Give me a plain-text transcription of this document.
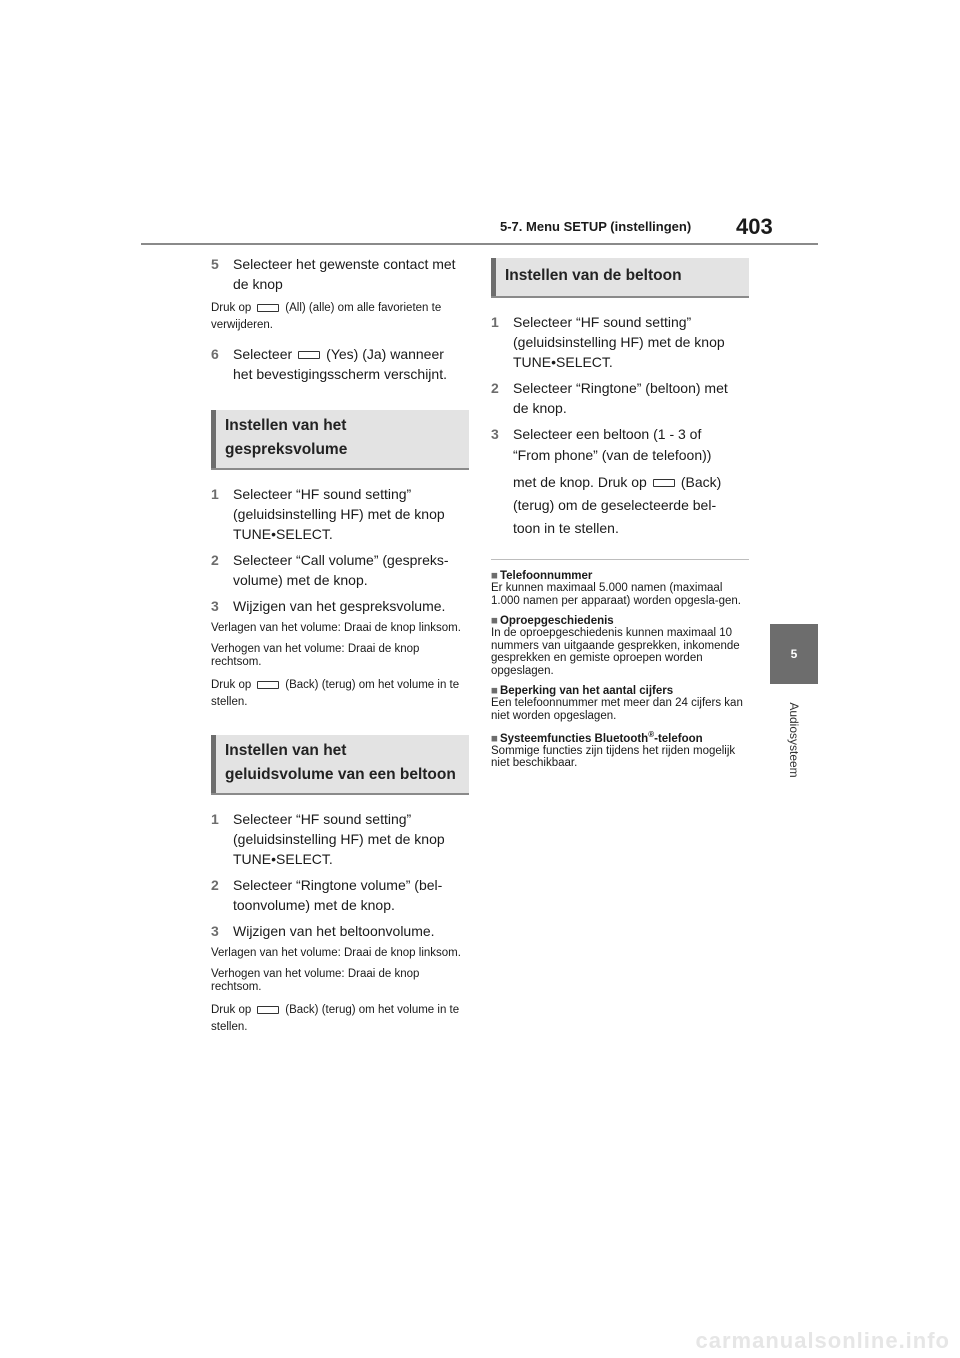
5-7. Menu SETUP (instellingen) 403
5
Audiosysteem
5 Selecteer het gewenste contact met
de knop
Druk op	(All) (alle) om alle favorieten te verwijderen.
6 Selecteer (Yes) (Ja) wanneer
het bevestigingsscherm verschijnt.
Instellen van het
gespreksvolume
1 Selecteer “HF sound setting”
(geluidsinstelling HF) met de knop
TUNE•SELECT.
2 Selecteer “Call volume” (gespreks-
volume) met de knop.
3 Wijzigen van het gespreksvolume.
Verlagen van het volume: Draai de knop linksom.
Verhogen van het volume: Draai de knop rechtsom.
Druk op	(Back) (terug) om het volume in te stellen.
Instellen van het
geluidsvolume van een beltoon
1 Selecteer “HF sound setting”
(geluidsinstelling HF) met de knop
TUNE•SELECT.
2 Selecteer “Ringtone volume” (bel-
toonvolume) met de knop.
3 Wijzigen van het beltoonvolume.
Verlagen van het volume: Draai de knop linksom.
Verhogen van het volume: Draai de knop rechtsom.
Druk op	(Back) (terug) om het volume in te stellen.
Instellen van de beltoon
1 Selecteer “HF sound setting”
(geluidsinstelling HF) met de knop
TUNE•SELECT.
2 Selecteer “Ringtone” (beltoon) met
de knop.
3 Selecteer een beltoon (1 - 3 of
“From phone” (van de telefoon))
met de knop. Druk op (Back)
(terug) om de geselecteerde bel-
toon in te stellen.
■ Telefoonnummer
Er kunnen maximaal 5.000 namen (maximaal 1.000 namen per apparaat) worden opgesla-gen.
■ Oproepgeschiedenis
In de oproepgeschiedenis kunnen maximaal 10 nummers van uitgaande gesprekken, inkomende gesprekken en gemiste oproepen worden opgeslagen.
■ Beperking van het aantal cijfers
Een telefoonnummer met meer dan 24 cijfers kan niet worden opgeslagen.
■ Systeemfuncties Bluetooth®-telefoon
Sommige functies zijn tijdens het rijden mogelijk niet beschikbaar.
carmanualsonline.info
